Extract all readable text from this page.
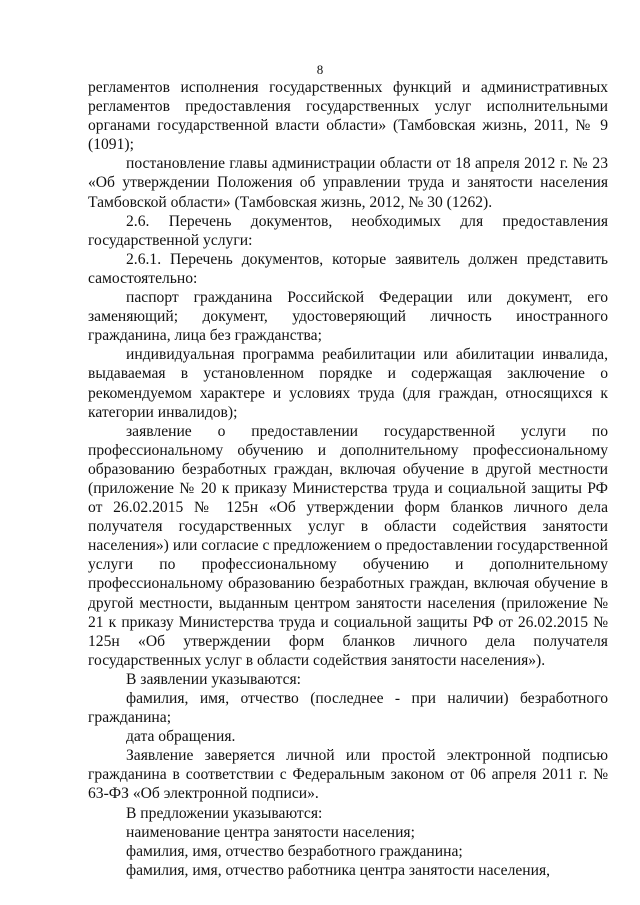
8

регламентов исполнения государственных функций и административных регламентов предоставления государственных услуг исполнительными органами государственной власти области» (Тамбовская жизнь, 2011, № 9 (1091);

постановление главы администрации области от 18 апреля 2012 г. № 23 «Об утверждении Положения об управлении труда и занятости населения Тамбовской области» (Тамбовская жизнь, 2012, № 30 (1262).

2.6. Перечень документов, необходимых для предоставления государственной услуги:

2.6.1. Перечень документов, которые заявитель должен представить самостоятельно:

паспорт гражданина Российской Федерации или документ, его заменяющий; документ, удостоверяющий личность иностранного гражданина, лица без гражданства;

индивидуальная программа реабилитации или абилитации инвалида, выдаваемая в установленном порядке и содержащая заключение о рекомендуемом характере и условиях труда (для граждан, относящихся к категории инвалидов);

заявление о предоставлении государственной услуги по профессиональному обучению и дополнительному профессиональному образованию безработных граждан, включая обучение в другой местности (приложение № 20 к приказу Министерства труда и социальной защиты РФ от 26.02.2015 № 125н «Об утверждении форм бланков личного дела получателя государственных услуг в области содействия занятости населения») или согласие с предложением о предоставлении государственной услуги по профессиональному обучению и дополнительному профессиональному образованию безработных граждан, включая обучение в другой местности, выданным центром занятости населения (приложение № 21 к приказу Министерства труда и социальной защиты РФ от 26.02.2015 № 125н «Об утверждении форм бланков личного дела получателя государственных услуг в области содействия занятости населения»).

В заявлении указываются:

фамилия, имя, отчество (последнее - при наличии) безработного гражданина;

дата обращения.

Заявление заверяется личной или простой электронной подписью гражданина в соответствии с Федеральным законом от 06 апреля 2011 г. № 63-ФЗ «Об электронной подписи».

В предложении указываются:

наименование центра занятости населения;

фамилия, имя, отчество безработного гражданина;

фамилия, имя, отчество работника центра занятости населения,
